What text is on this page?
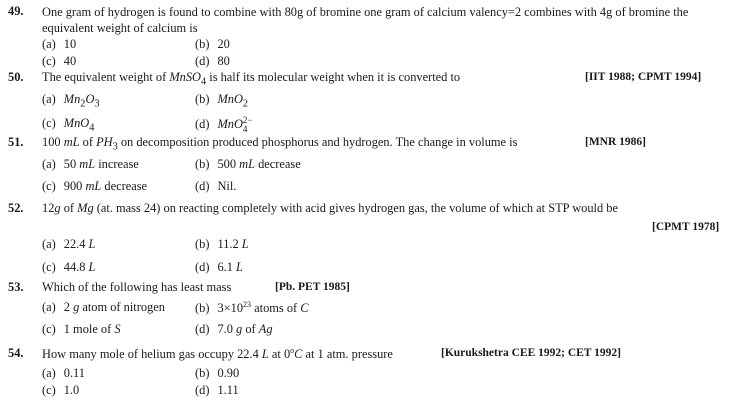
49. One gram of hydrogen is found to combine with 80g of bromine one gram of calcium valency=2 combines with 4g of bromine the
equivalent weight of calcium is
(a) 10	(b) 20
(c) 40	(d) 80
50. The equivalent weight of MnSO$_4$ is half its molecular weight when it is converted to	[IIT 1988; CPMT 1994]
(a) $Mn_2O_3$	(b) MnO$_2$
(c) MnO$_4$	(d) MnO 2−
4
51. 100 mL of $PH_3$ on decomposition produced phosphorus and hydrogen. The change in volume is	[MNR 1986]
(a) 50 mL increase	(b) 500 mL decrease
(c) 900 mL decrease	(d) Nil.
52. 12g of Mg (at. mass 24) on reacting completely with acid gives hydrogen gas, the volume of which at STP would be
[CPMT 1978]
(a) 22.4 L	(b) 11.2 L
(c) 44.8 L	(d) 6.1 L
53. Which of the following has least mass	[Pb. PET 1985]
(a) 2 g atom of nitrogen (b) $3\times 10^{23}$ atoms of C
(c) 1 mole of S	(d) 7.0 g of Ag
54. How many mole of helium gas occupy 22.4 L at 0$^o$C at 1 atm. pressure	[Kurukshetra CEE 1992; CET 1992]
(a) 0.11	(b) 0.90
(c) 1.0	(d) 1.11
